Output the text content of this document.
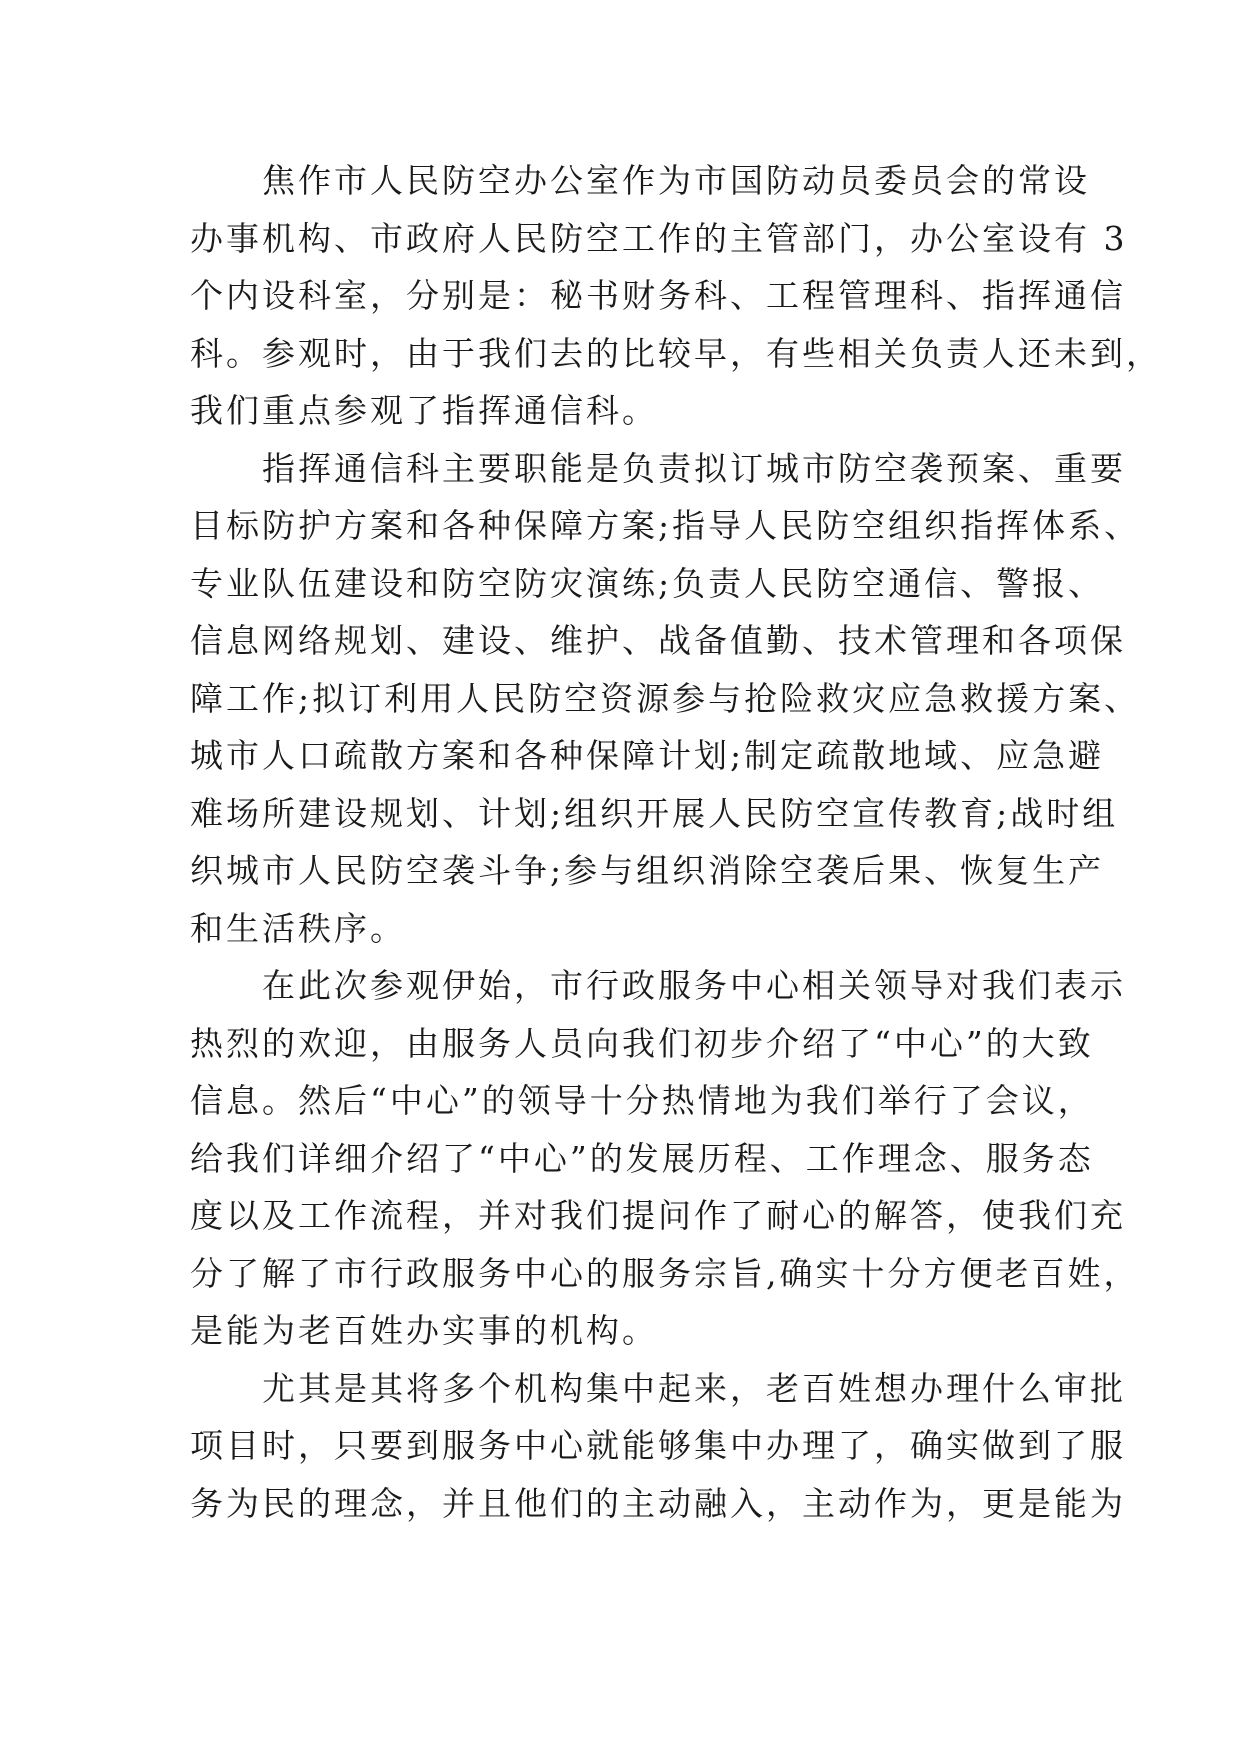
　　焦作市人民防空办公室作为市国防动员委员会的常设
办事机构、市政府人民防空工作的主管部门，办公室设有 3
个内设科室，分别是：秘书财务科、工程管理科、指挥通信
科。参观时，由于我们去的比较早，有些相关负责人还未到，
我们重点参观了指挥通信科。
　　指挥通信科主要职能是负责拟订城市防空袭预案、重要
目标防护方案和各种保障方案;指导人民防空组织指挥体系、
专业队伍建设和防空防灾演练;负责人民防空通信、警报、
信息网络规划、建设、维护、战备值勤、技术管理和各项保
障工作;拟订利用人民防空资源参与抢险救灾应急救援方案、
城市人口疏散方案和各种保障计划;制定疏散地域、应急避
难场所建设规划、计划;组织开展人民防空宣传教育;战时组
织城市人民防空袭斗争;参与组织消除空袭后果、恢复生产
和生活秩序。
　　在此次参观伊始，市行政服务中心相关领导对我们表示
热烈的欢迎，由服务人员向我们初步介绍了“中心”的大致
信息。然后“中心”的领导十分热情地为我们举行了会议，
给我们详细介绍了“中心”的发展历程、工作理念、服务态
度以及工作流程，并对我们提问作了耐心的解答，使我们充
分了解了市行政服务中心的服务宗旨,确实十分方便老百姓，
是能为老百姓办实事的机构。
　　尤其是其将多个机构集中起来，老百姓想办理什么审批
项目时，只要到服务中心就能够集中办理了，确实做到了服
务为民的理念，并且他们的主动融入，主动作为，更是能为
